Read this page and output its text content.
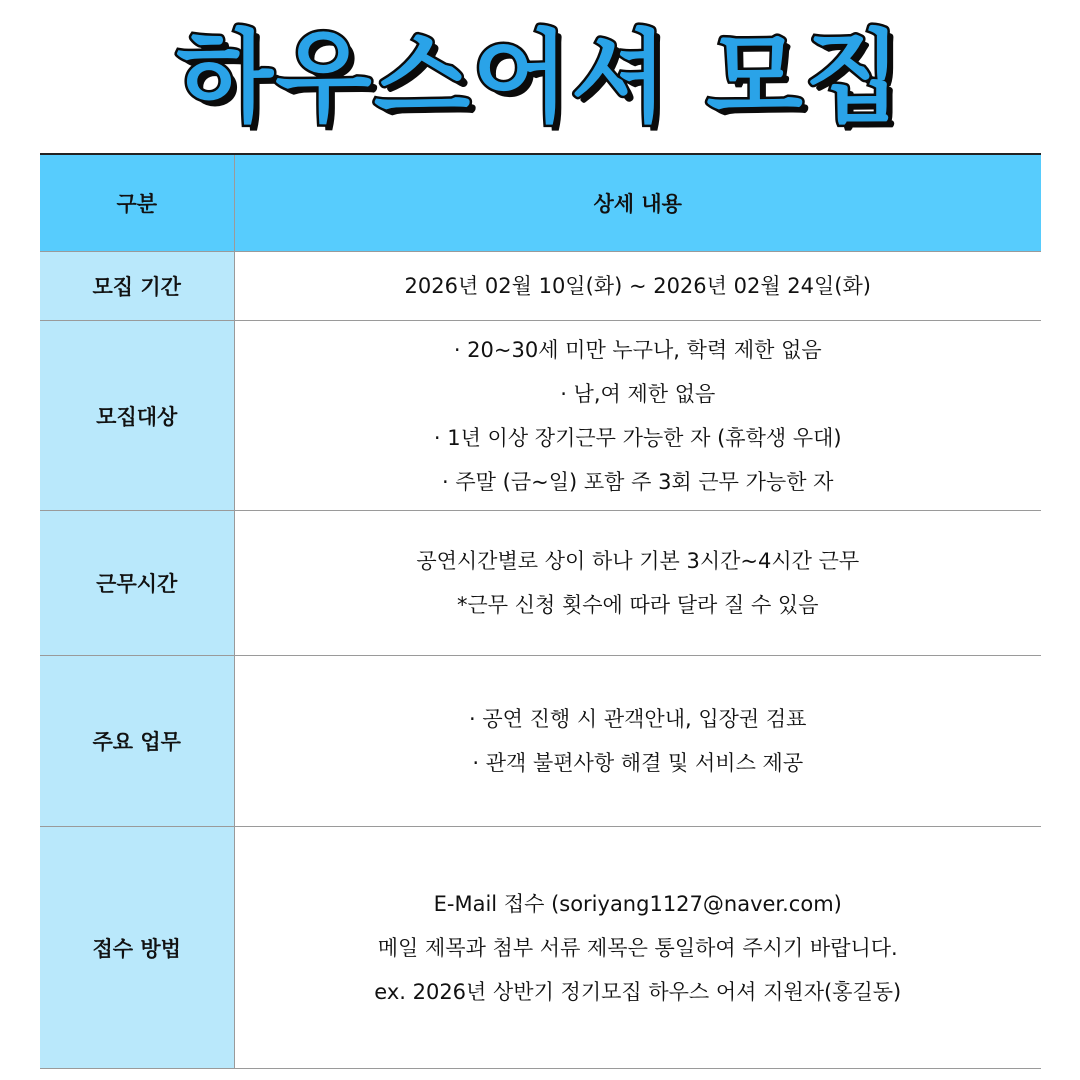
하우스어셔 모집
구분	상세 내용
모집 기간	2026년 02월 10일(화) ~ 2026년 02월 24일(화)

모집대상	· 20~30세 미만 누구나, 학력 제한 없음
· 남,여 제한 없음
· 1년 이상 장기근무 가능한 자 (휴학생 우대)
· 주말 (금~일) 포함 주 3회 근무 가능한 자

근무시간	공연시간별로 상이 하나 기본 3시간~4시간 근무
*근무 신청 횟수에 따라 달라 질 수 있음

주요 업무	· 공연 진행 시 관객안내, 입장권 검표
· 관객 불편사항 해결 및 서비스 제공

접수 방법	E-Mail 접수 (soriyang1127@naver.com)
메일 제목과 첨부 서류 제목은 통일하여 주시기 바랍니다.
ex. 2026년 상반기 정기모집 하우스 어셔 지원자(홍길동)
